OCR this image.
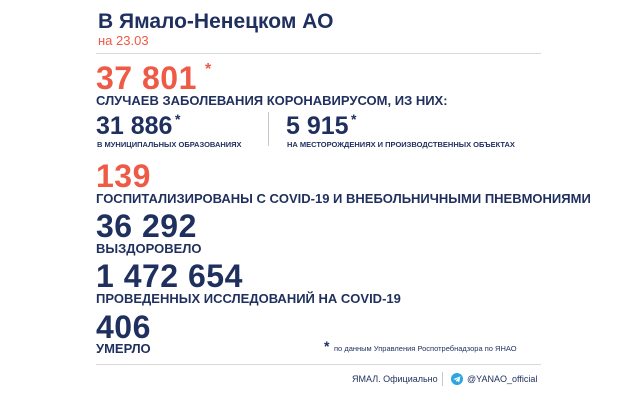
В Ямало-Ненецком АО
на 23.03
37 801 *
СЛУЧАЕВ ЗАБОЛЕВАНИЯ КОРОНАВИРУСОМ, ИЗ НИХ:
31 886 *
В МУНИЦИПАЛЬНЫХ ОБРАЗОВАНИЯХ
5 915 *
НА МЕСТОРОЖДЕНИЯХ И ПРОИЗВОДСТВЕННЫХ ОБЪЕКТАХ
139
ГОСПИТАЛИЗИРОВАНЫ С COVID-19 И ВНЕБОЛЬНИЧНЫМИ ПНЕВМОНИЯМИ
36 292
ВЫЗДОРОВЕЛО
1 472 654
ПРОВЕДЕННЫХ ИССЛЕДОВАНИЙ НА COVID-19
406
УМЕРЛО	* по данным Управления Роспотребнадзора по ЯНАО
ЯМАЛ. Официально	@YANAO_official
